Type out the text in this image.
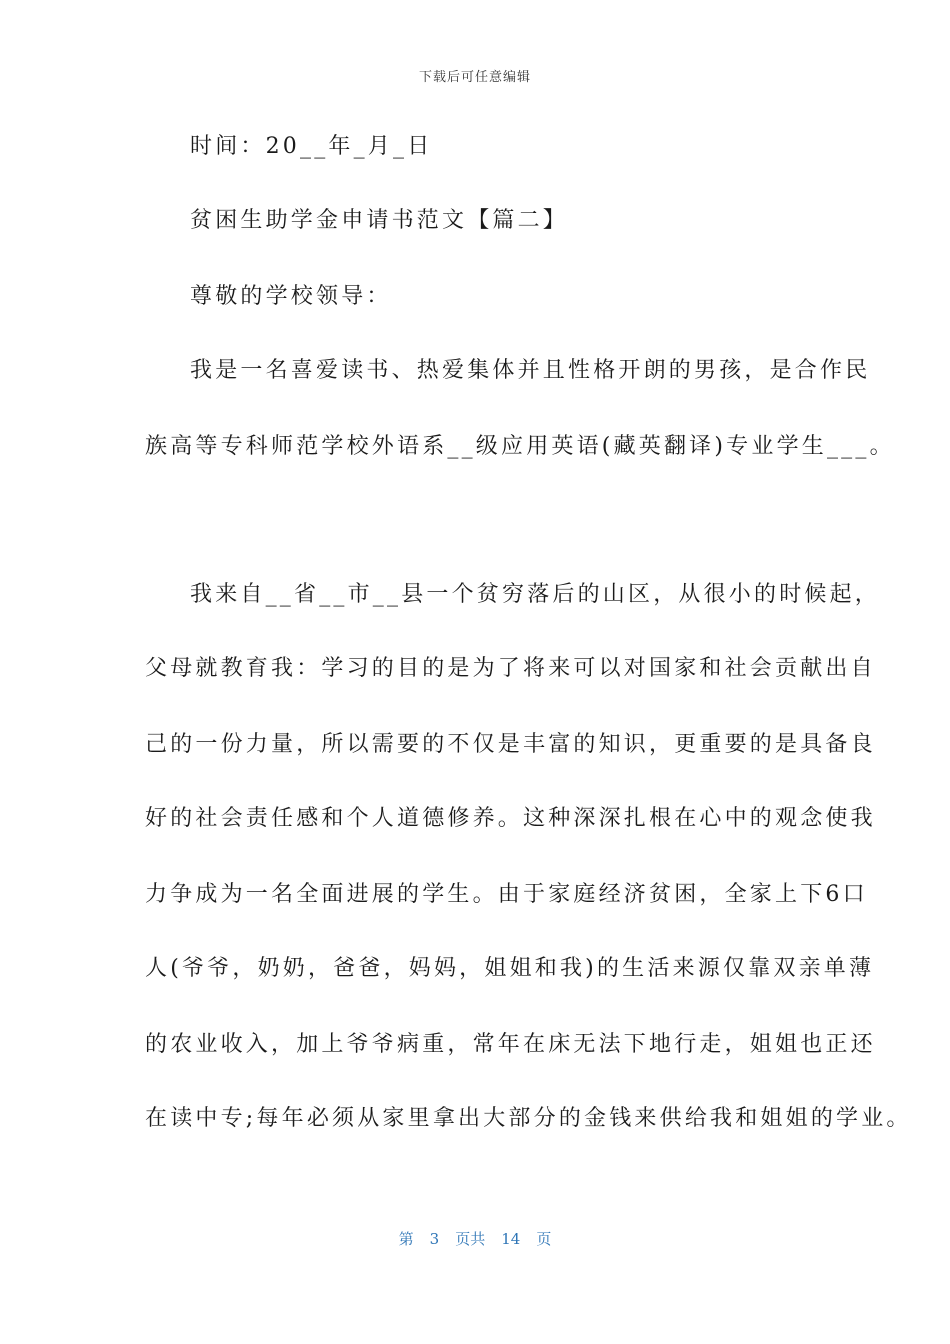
下载后可任意编辑
时间：20__年_月_日
贫困生助学金申请书范文【篇二】
尊敬的学校领导：
我是一名喜爱读书、热爱集体并且性格开朗的男孩，是合作民
族高等专科师范学校外语系__级应用英语(藏英翻译)专业学生___。
我来自__省__市__县一个贫穷落后的山区，从很小的时候起，
父母就教育我：学习的目的是为了将来可以对国家和社会贡献出自
己的一份力量，所以需要的不仅是丰富的知识，更重要的是具备良
好的社会责任感和个人道德修养。这种深深扎根在心中的观念使我
力争成为一名全面进展的学生。由于家庭经济贫困，全家上下6口
人(爷爷，奶奶，爸爸，妈妈，姐姐和我)的生活来源仅靠双亲单薄
的农业收入，加上爷爷病重，常年在床无法下地行走，姐姐也正还
在读中专;每年必须从家里拿出大部分的金钱来供给我和姐姐的学业。
第 3 页共 14 页
